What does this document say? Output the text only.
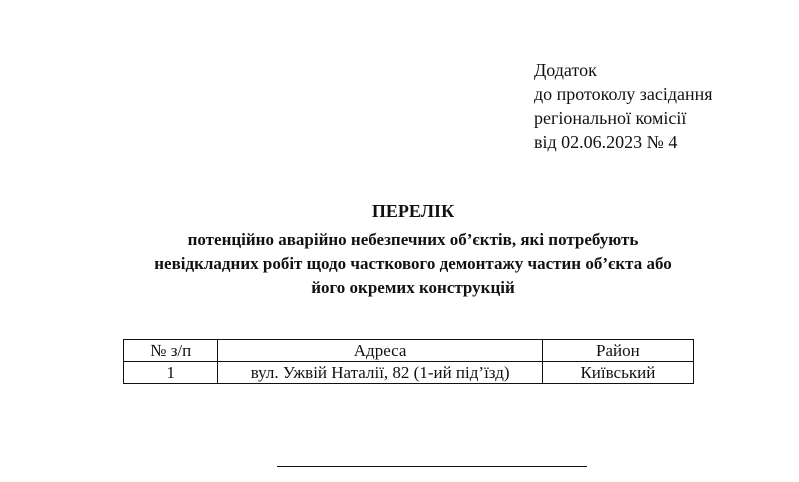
Додаток
до протоколу засідання
регіональної комісії
від 02.06.2023 № 4
ПЕРЕЛІК
потенційно аварійно небезпечних об’єктів, які потребують
невідкладних робіт щодо часткового демонтажу частин об’єкта або
його окремих конструкцій
№ з/п	Адреса	Район
1	вул. Ужвій Наталії, 82 (1-ий під’їзд)	Київський
